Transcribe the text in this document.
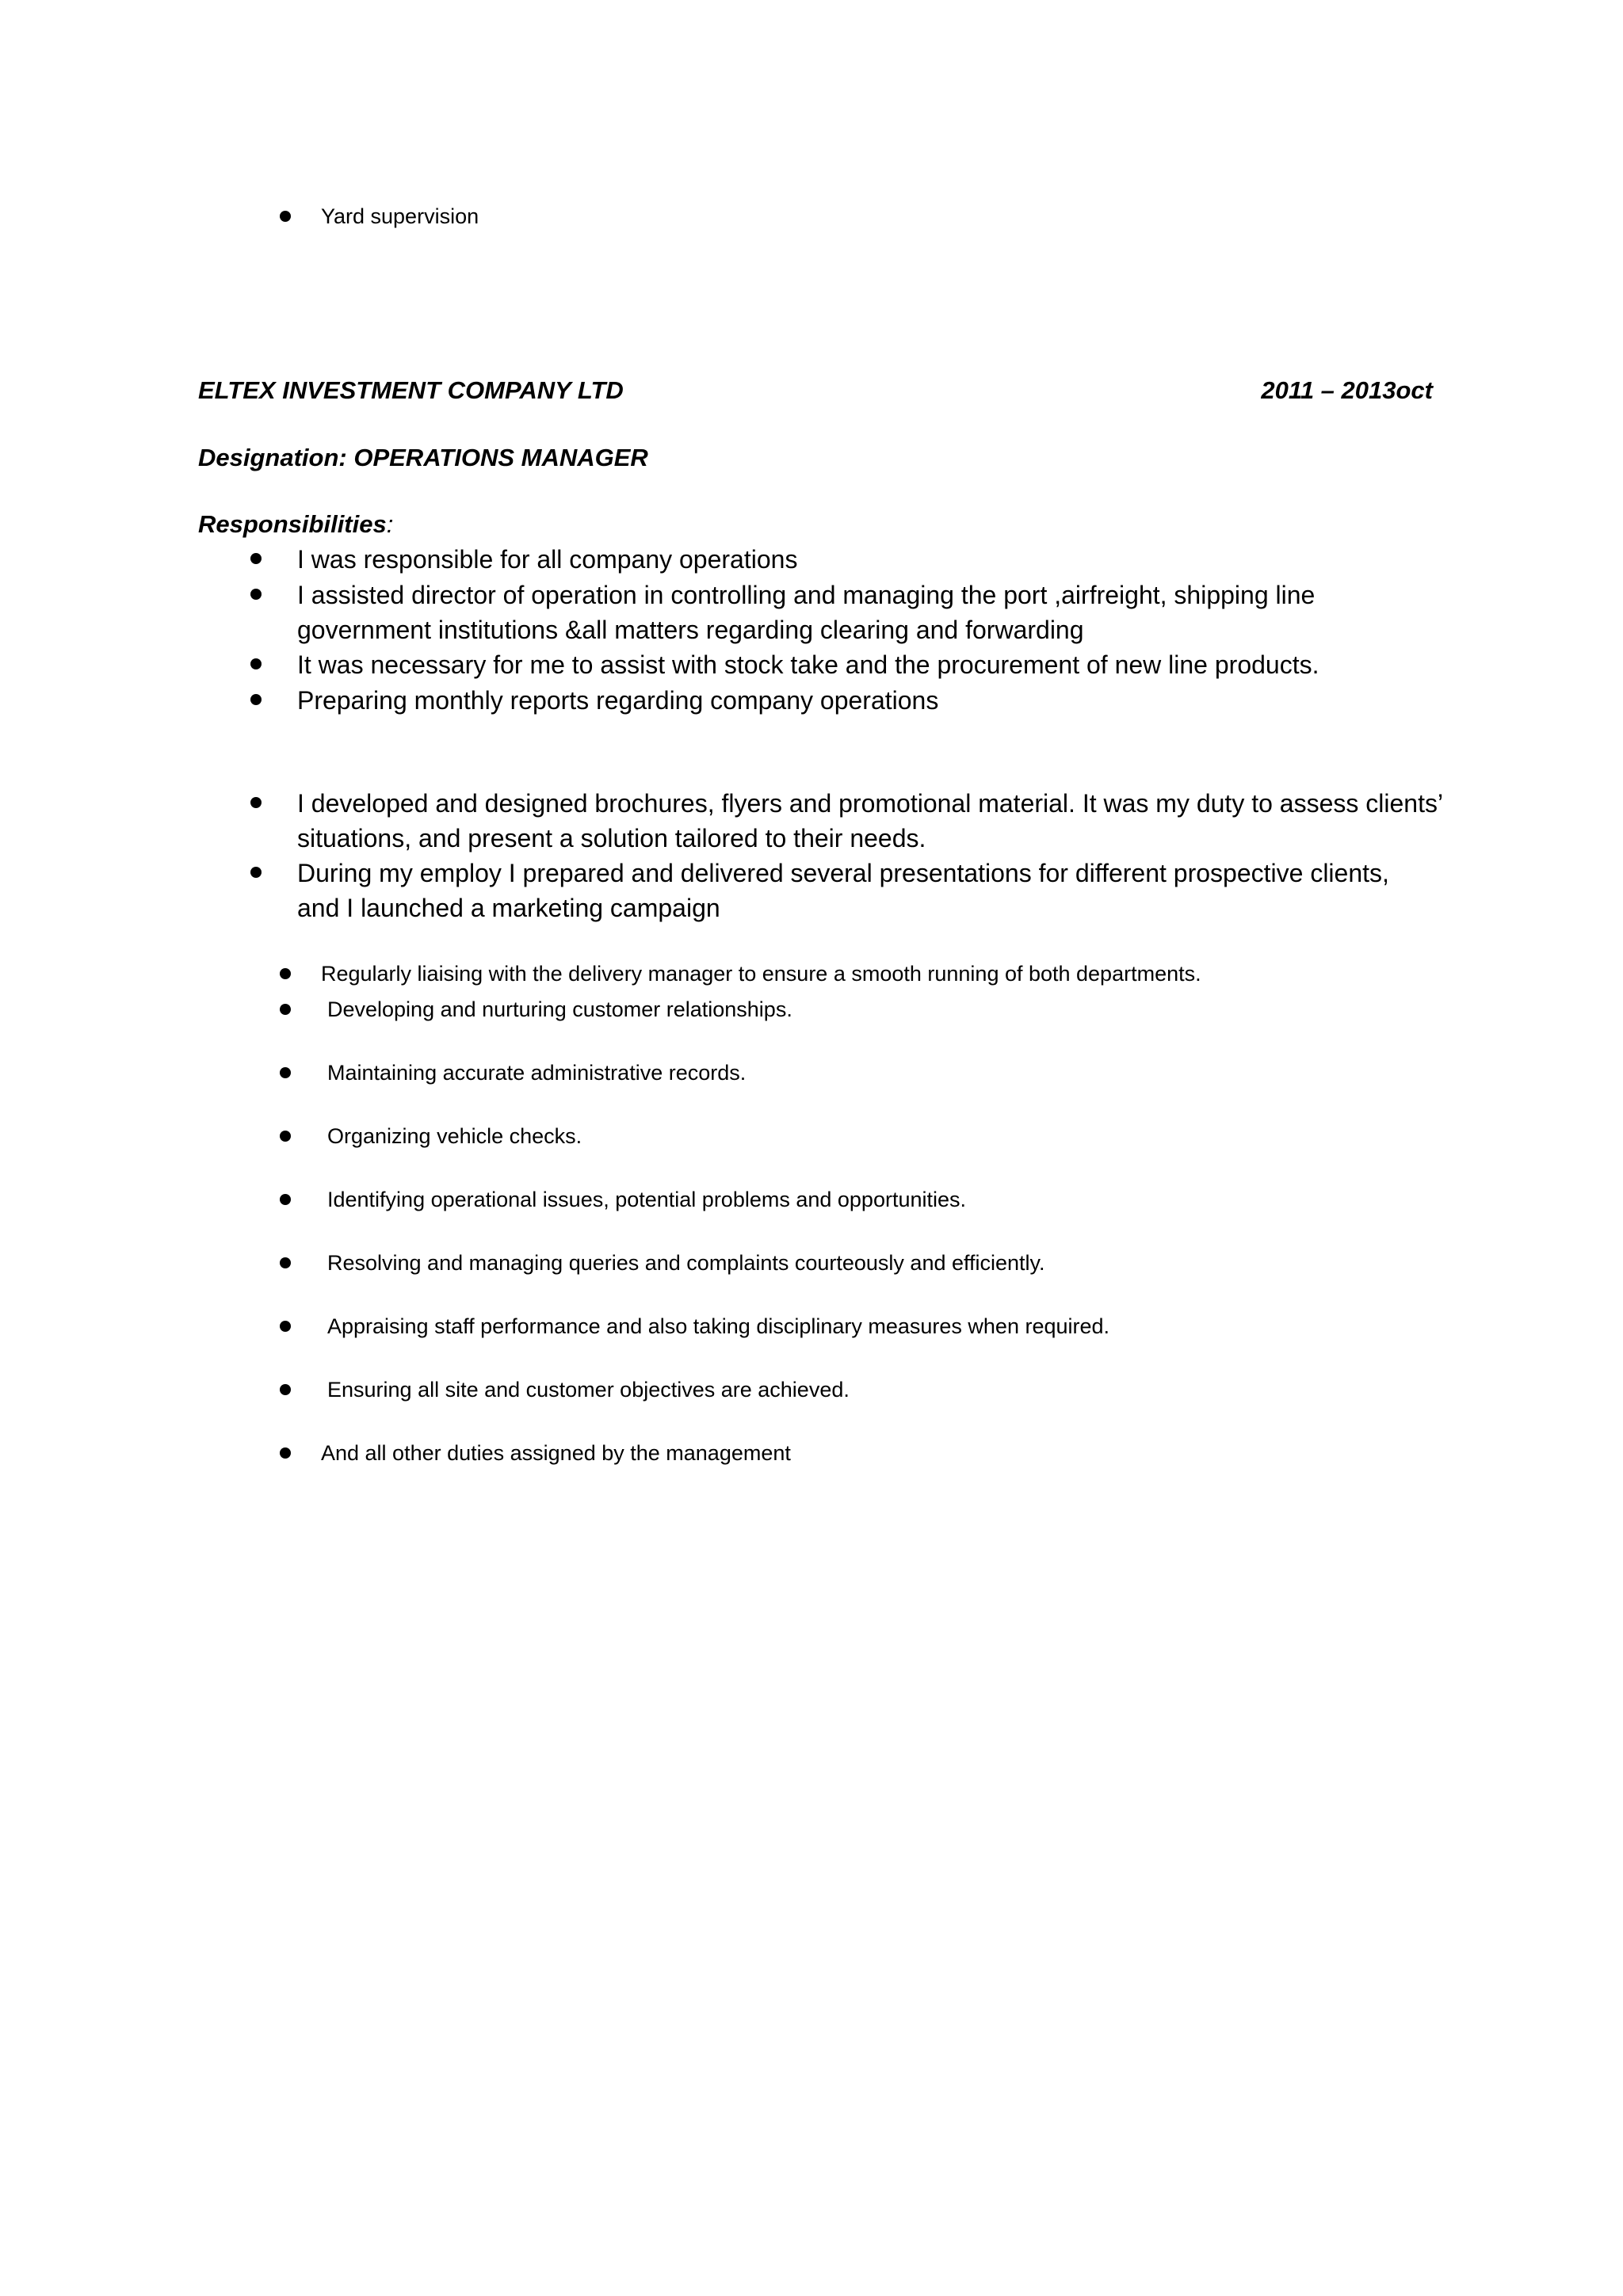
Yard supervision
ELTEX INVESTMENT COMPANY LTD	2011 – 2013oct
Designation: OPERATIONS MANAGER
Responsibilities:
I was responsible for all company operations
I assisted director of operation in controlling and managing the port ,airfreight, shipping line
government institutions &all matters regarding clearing and forwarding
It was necessary for me to assist with stock take and the procurement of new line products.
Preparing monthly reports regarding company operations
I developed and designed brochures, flyers and promotional material. It was my duty to assess clients’
situations, and present a solution tailored to their needs.
During my employ I prepared and delivered several presentations for different prospective clients,
and I launched a marketing campaign
Regularly liaising with the delivery manager to ensure a smooth running of both departments.
Developing and nurturing customer relationships.
Maintaining accurate administrative records.
Organizing vehicle checks.
Identifying operational issues, potential problems and opportunities.
Resolving and managing queries and complaints courteously and efficiently.
Appraising staff performance and also taking disciplinary measures when required.
Ensuring all site and customer objectives are achieved.
And all other duties assigned by the management
